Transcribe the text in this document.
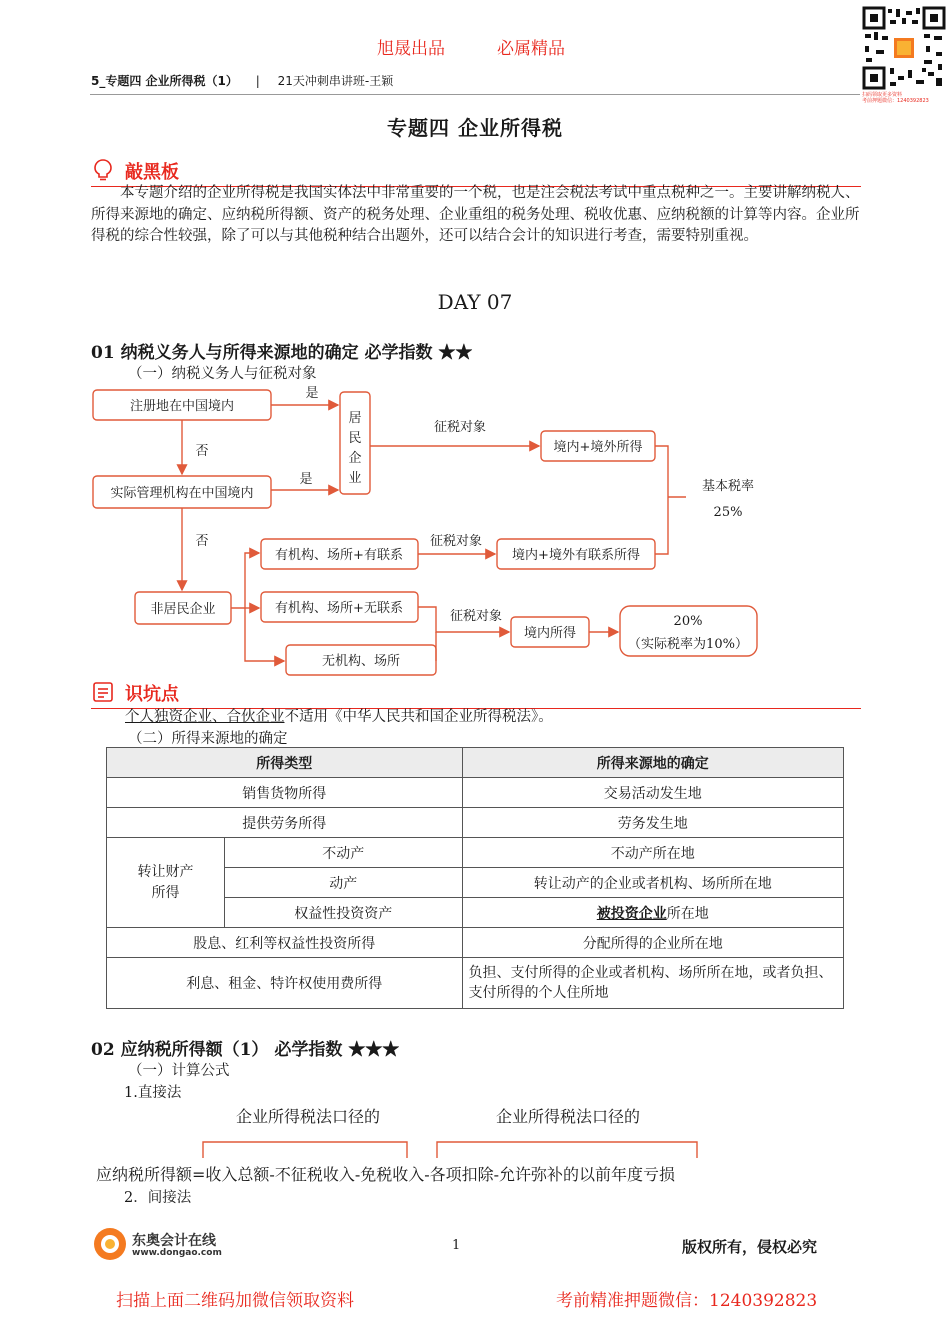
旭晟出品	必属精品
5_专题四 企业所得税（1） | 21天冲刺串讲班-王颖
扫码领取更多资料
考前押题微信：1240392823
专题四 企业所得税
敲黑板
本专题介绍的企业所得税是我国实体法中非常重要的一个税，也是注会税法考试中重点税种之一。主要讲解纳税人、所得来源地的确定、应纳税所得额、资产的税务处理、企业重组的税务处理、税收优惠、应纳税额的计算等内容。企业所得税的综合性较强，除了可以与其他税种结合出题外，还可以结合会计的知识进行考查，需要特别重视。
DAY 07
01 纳税义务人与所得来源地的确定 必学指数 ★★
（一）纳税义务人与征税对象
注册地在中国境内
实际管理机构在中国境内
境内+境外所得
有机构、场所+有联系	境内+境外有联系所得
非居民企业	有机构、场所+无联系
无机构、场所
境内所得
20%
（实际税率为10%）
基本税率
25%
是
是
否
否
征税对象
征税对象
征税对象
居
民
企
业
识坑点
个人独资企业、合伙企业不适用《中华人民共和国企业所得税法》。
（二）所得来源地的确定
所得类型		所得来源地的确定
销售货物所得		交易活动发生地
提供劳务所得		劳务发生地
转让财产所得	不动产	不动产所在地
	动产	转让动产的企业或者机构、场所所在地
	权益性投资资产	被投资企业所在地
股息、红利等权益性投资所得		分配所得的企业所在地
利息、租金、特许权使用费所得		负担、支付所得的企业或者机构、场所所在地，或者负担、支付所得的个人住所地
02 应纳税所得额（1） 必学指数 ★★★
（一）计算公式
1.直接法
企业所得税法口径的	企业所得税法口径的
应纳税所得额=收入总额-不征税收入-免税收入-各项扣除-允许弥补的以前年度亏损
2．间接法
东奥会计在线
www.dongao.com	1	版权所有，侵权必究
扫描上面二维码加微信领取资料	考前精准押题微信：1240392823
